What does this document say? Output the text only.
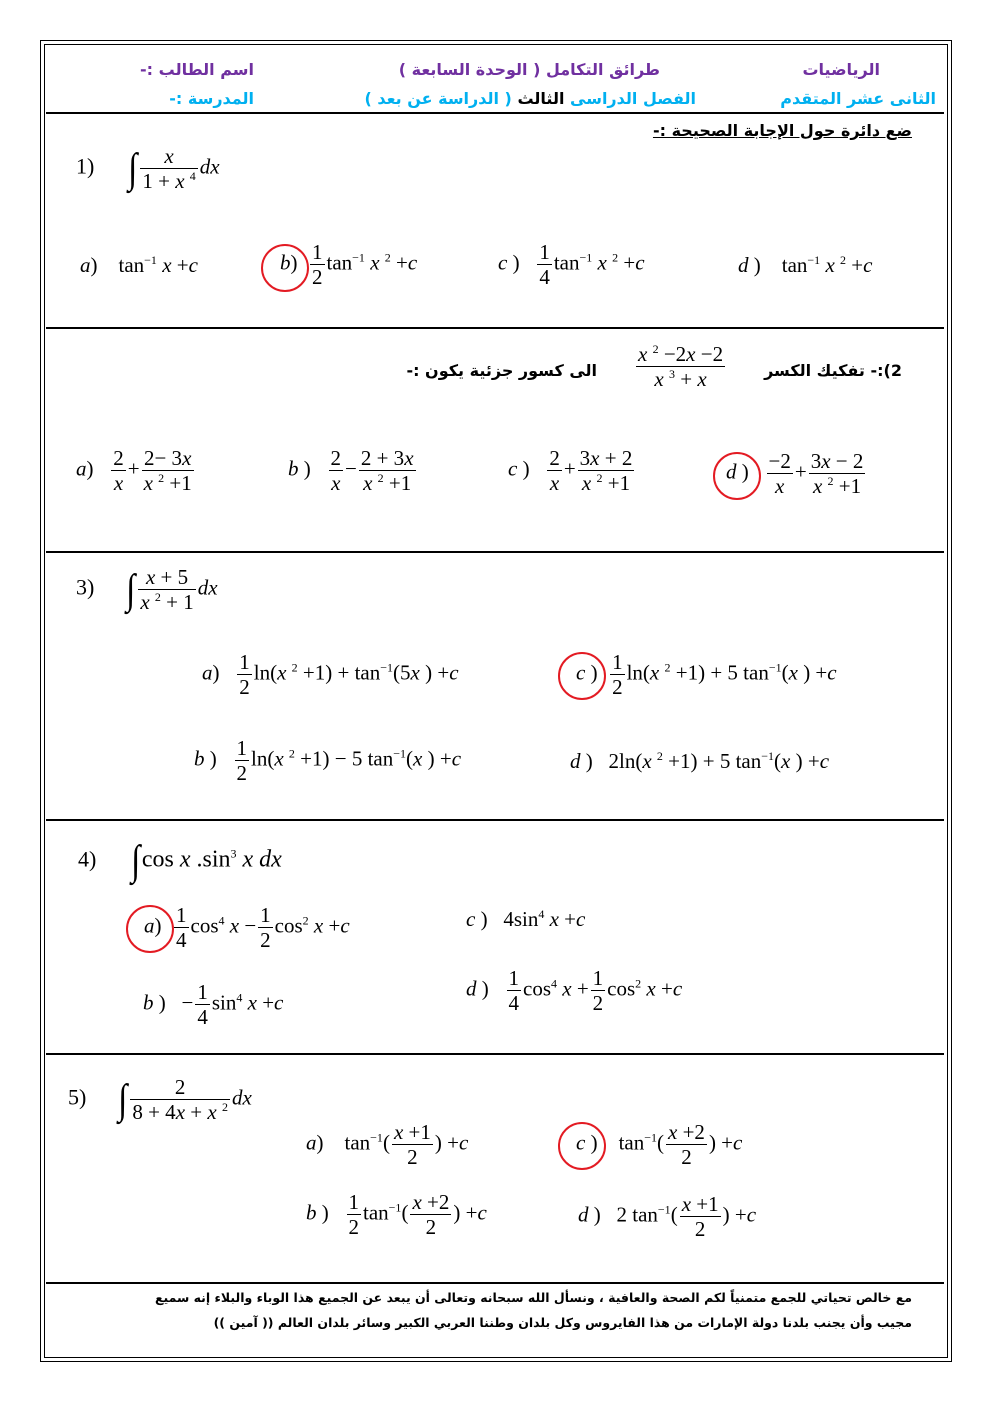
الرياضيات
طرائق التكامل ( الوحدة السابعة )
اسم الطالب :-
الثانى عشر المتقدم
الفصل الدراسى الثالث ( الدراسة عن بعد )
المدرسة :-
ضع دائرة حول الإجابة الصحيحة :-
1) ∫ $\frac{x}{1 + x ^4}$ dx
a)    $\tan^{-1} x +c$	$b) \frac{1}{2} \tan^{-1} x$ $^2$ +c	c ) $\frac{1}{4} \tan^{-1} x$ $^2$ +c	d )    $\tan^{-1} x$ $^2$ +c
2):- تفكيك الكسر
$\frac{x ^2 -2x -2}{x ^3 + x}$
الى كسور جزئية يكون :-
$a) \frac{2}{x} + \frac{2- 3x}{x ^2 +1}$	b ) $\frac{2}{x} - \frac{2 + 3x}{x ^2 +1}$	c ) $\frac{2}{x} + \frac{3x + 2}{x ^2 +1}$	d ) $\frac{-2}{x} + \frac{3x - 2}{x ^2 +1}$
3) ∫ $\frac{x + 5}{x ^2 + 1}$ dx
$a) \frac{1}{2} \ln(x$ $^2 +1) + \tan^{-1}(5x$ ) +c	c ) $\frac{1}{2} \ln(x$ $^2$ +1) + 5 $\tan^{-1}(x$ ) +c
b ) $\frac{1}{2} \ln(x$ $^2$ +1) − 5 $\tan^{-1}(x$ ) +c	d )   2ln(x $^2$ +1) + 5 $\tan^{-1}(x$ ) +c
4) ∫cos x $.\sin^3$ x dx
$a) \frac{1}{4} \cos^4 x - \frac{1}{2} \cos^2 x +c$	c )   $4\sin^4$ x +c
b )   − $\frac{1}{4} \sin^4 x +c$
d ) $\frac{1}{4} \cos^4 x + \frac{1}{2} \cos^2 x +c$
5) ∫ $\frac{2}{8 + 4x + x ^2}$ dx
a)    $\tan^{-1}( \frac{x +1}{2}$ ) +c	c )    $\tan^{-1}( \frac{x +2}{2}$ ) +c
b ) $\frac{1}{2} \tan^{-1}( \frac{x +2}{2}$ ) +c	d )   2 $\tan^{-1}( \frac{x +1}{2}$ ) +c
مع خالص تحياتي للجمع متمنياً لكم الصحة والعافية ، ونسأل الله سبحانه وتعالى أن يبعد عن الجميع هذا الوباء والبلاء إنه سميع
مجيب وأن يجنب بلدنا دولة الإمارات من هذا الفايروس وكل بلدان وطننا العربي الكبير وسائر بلدان العالم (( آمين ))
